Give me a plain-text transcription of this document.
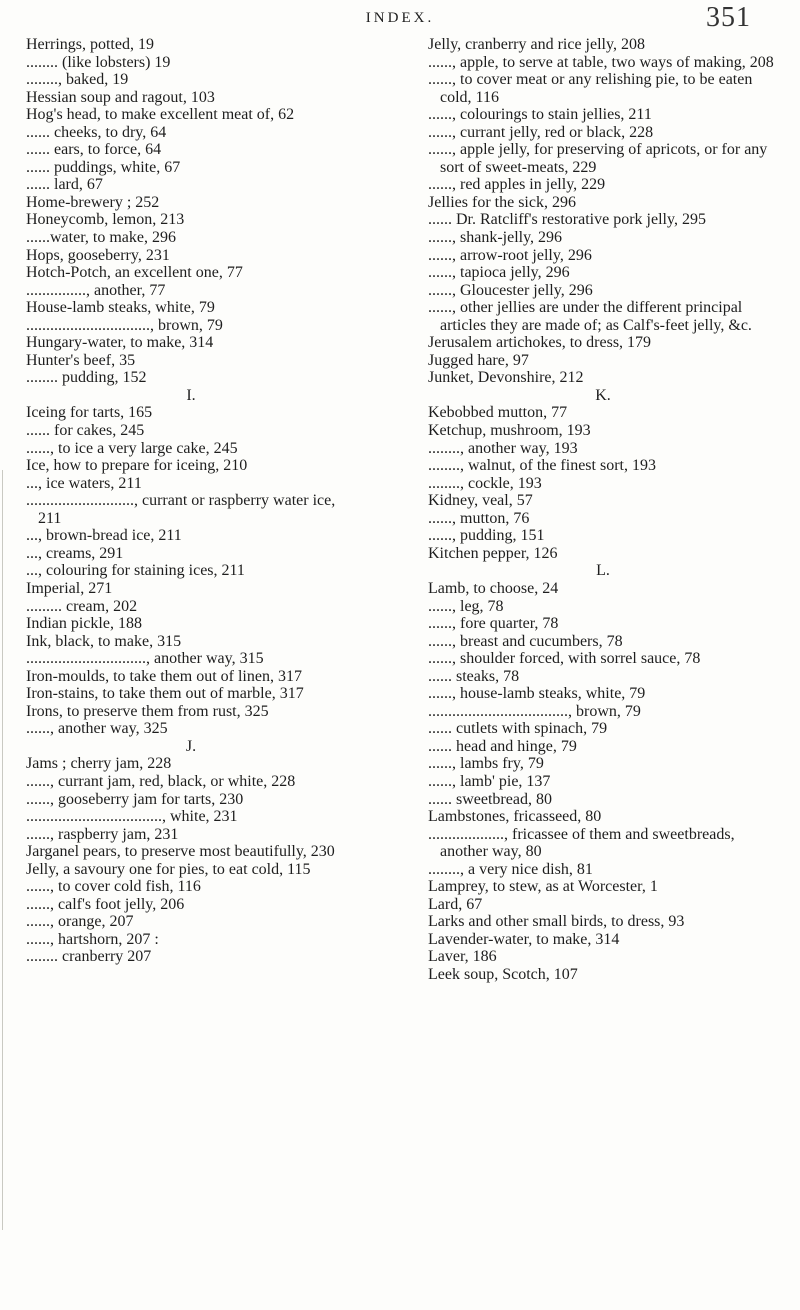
INDEX.	351

Herrings, potted, 19

........ (like lobsters) 19

........, baked, 19

Hessian soup and ragout, 103

Hog's head, to make excellent meat of, 62

...... cheeks, to dry, 64

...... ears, to force, 64

...... puddings, white, 67

...... lard, 67

Home-brewery ; 252

Honeycomb, lemon, 213

......water, to make, 296

Hops, gooseberry, 231

Hotch-Potch, an excellent one, 77

..............., another, 77

House-lamb steaks, white, 79

..............................., brown, 79

Hungary-water, to make, 314

Hunter's beef, 35

........ pudding, 152

I.

Iceing for tarts, 165

...... for cakes, 245

......, to ice a very large cake, 245

Ice, how to prepare for iceing, 210

..., ice waters, 211

..........................., currant or raspberry water ice, 211

..., brown-bread ice, 211

..., creams, 291

..., colouring for staining ices, 211

Imperial, 271

......... cream, 202

Indian pickle, 188

Ink, black, to make, 315

.............................., another way, 315

Iron-moulds, to take them out of linen, 317

Iron-stains, to take them out of marble, 317

Irons, to preserve them from rust, 325

......, another way, 325

J.

Jams ; cherry jam, 228

......, currant jam, red, black, or white, 228

......, gooseberry jam for tarts, 230

.................................., white, 231

......, raspberry jam, 231

Jarganel pears, to preserve most beautifully, 230

Jelly, a savoury one for pies, to eat cold, 115

......, to cover cold fish, 116

......, calf's foot jelly, 206

......, orange, 207

......, hartshorn, 207 :

........ cranberry 207

Jelly, cranberry and rice jelly, 208

......, apple, to serve at table, two ways of making, 208

......, to cover meat or any relishing pie, to be eaten cold, 116

......, colourings to stain jellies, 211

......, currant jelly, red or black, 228

......, apple jelly, for preserving of apricots, or for any sort of sweet-meats, 229

......, red apples in jelly, 229

Jellies for the sick, 296

...... Dr. Ratcliff's restorative pork jelly, 295

......, shank-jelly, 296

......, arrow-root jelly, 296

......, tapioca jelly, 296

......, Gloucester jelly, 296

......, other jellies are under the different principal articles they are made of; as Calf's-feet jelly, &c.

Jerusalem artichokes, to dress, 179

Jugged hare, 97

Junket, Devonshire, 212

K.

Kebobbed mutton, 77

Ketchup, mushroom, 193

........, another way, 193

........, walnut, of the finest sort, 193

........, cockle, 193

Kidney, veal, 57

......, mutton, 76

......, pudding, 151

Kitchen pepper, 126

L.

Lamb, to choose, 24

......, leg, 78

......, fore quarter, 78

......, breast and cucumbers, 78

......, shoulder forced, with sorrel sauce, 78

...... steaks, 78

......, house-lamb steaks, white, 79

..................................., brown, 79

...... cutlets with spinach, 79

...... head and hinge, 79

......, lambs fry, 79

......, lamb' pie, 137

...... sweetbread, 80

Lambstones, fricasseed, 80

..................., fricassee of them and sweetbreads, another way, 80

........, a very nice dish, 81

Lamprey, to stew, as at Worcester, 1

Lard, 67

Larks and other small birds, to dress, 93

Lavender-water, to make, 314

Laver, 186

Leek soup, Scotch, 107
